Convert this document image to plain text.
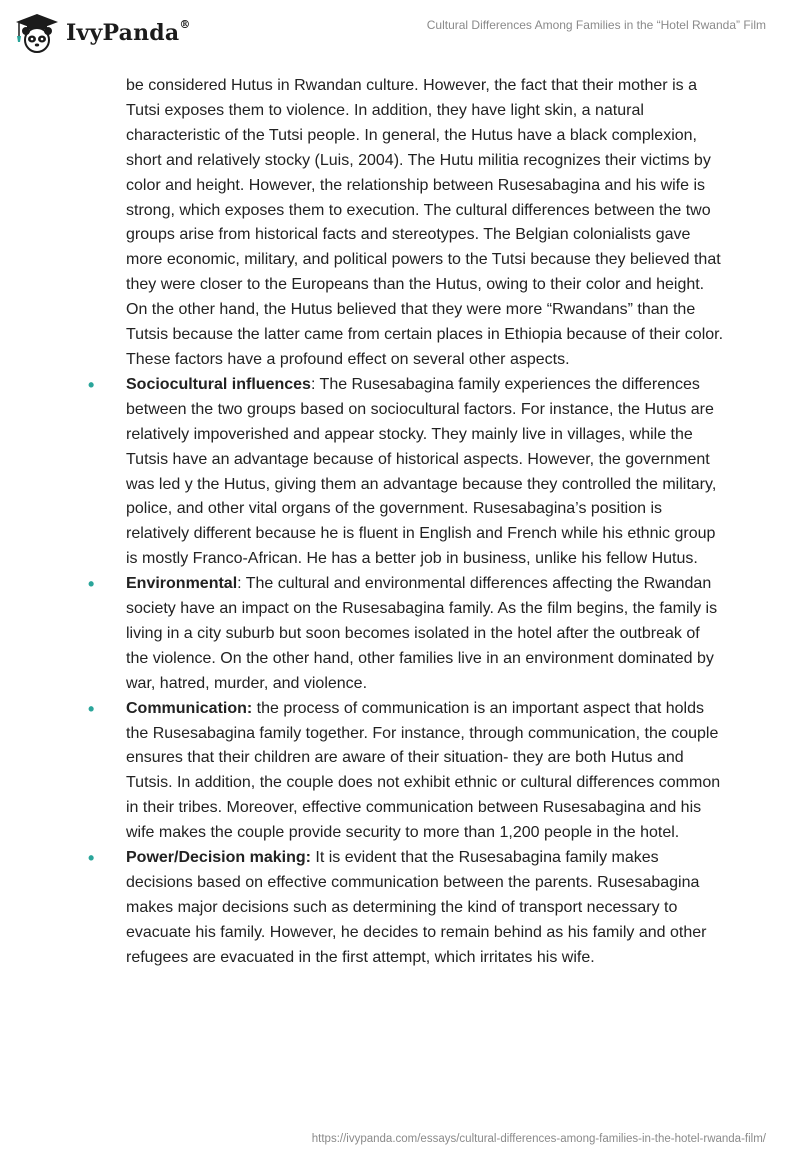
IvyPanda®	Cultural Differences Among Families in the “Hotel Rwanda” Film

be considered Hutus in Rwandan culture. However, the fact that their mother is a Tutsi exposes them to violence. In addition, they have light skin, a natural characteristic of the Tutsi people. In general, the Hutus have a black complexion, short and relatively stocky (Luis, 2004). The Hutu militia recognizes their victims by color and height. However, the relationship between Rusesabagina and his wife is strong, which exposes them to execution. The cultural differences between the two groups arise from historical facts and stereotypes. The Belgian colonialists gave more economic, military, and political powers to the Tutsi because they believed that they were closer to the Europeans than the Hutus, owing to their color and height. On the other hand, the Hutus believed that they were more “Rwandans” than the Tutsis because the latter came from certain places in Ethiopia because of their color. These factors have a profound effect on several other aspects.

• Sociocultural influences: The Rusesabagina family experiences the differences between the two groups based on sociocultural factors. For instance, the Hutus are relatively impoverished and appear stocky. They mainly live in villages, while the Tutsis have an advantage because of historical aspects. However, the government was led y the Hutus, giving them an advantage because they controlled the military, police, and other vital organs of the government. Rusesabagina’s position is relatively different because he is fluent in English and French while his ethnic group is mostly Franco-African. He has a better job in business, unlike his fellow Hutus.
• Environmental: The cultural and environmental differences affecting the Rwandan society have an impact on the Rusesabagina family. As the film begins, the family is living in a city suburb but soon becomes isolated in the hotel after the outbreak of the violence. On the other hand, other families live in an environment dominated by war, hatred, murder, and violence.
• Communication: the process of communication is an important aspect that holds the Rusesabagina family together. For instance, through communication, the couple ensures that their children are aware of their situation- they are both Hutus and Tutsis. In addition, the couple does not exhibit ethnic or cultural differences common in their tribes. Moreover, effective communication between Rusesabagina and his wife makes the couple provide security to more than 1,200 people in the hotel.
• Power/Decision making: It is evident that the Rusesabagina family makes decisions based on effective communication between the parents. Rusesabagina makes major decisions such as determining the kind of transport necessary to evacuate his family. However, he decides to remain behind as his family and other refugees are evacuated in the first attempt, which irritates his wife.
https://ivypanda.com/essays/cultural-differences-among-families-in-the-hotel-rwanda-film/
